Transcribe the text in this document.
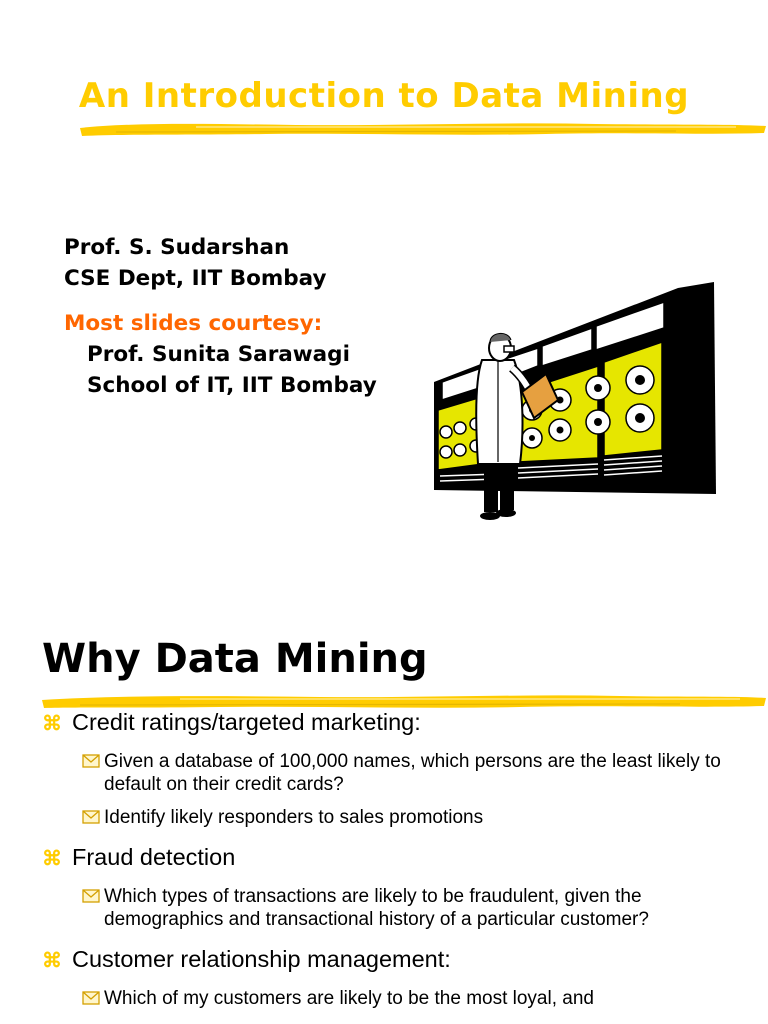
An Introduction to Data Mining
Prof. S. Sudarshan
CSE Dept, IIT Bombay
Most slides courtesy:
Prof. Sunita Sarawagi
School of IT, IIT Bombay
Why Data Mining
⌘ Credit ratings/targeted marketing:
Given a database of 100,000 names, which persons are the least likely to default on their credit cards?
Identify likely responders to sales promotions
⌘ Fraud detection
Which types of transactions are likely to be fraudulent, given the demographics and transactional history of a particular customer?
⌘ Customer relationship management:
Which of my customers are likely to be the most loyal, and
